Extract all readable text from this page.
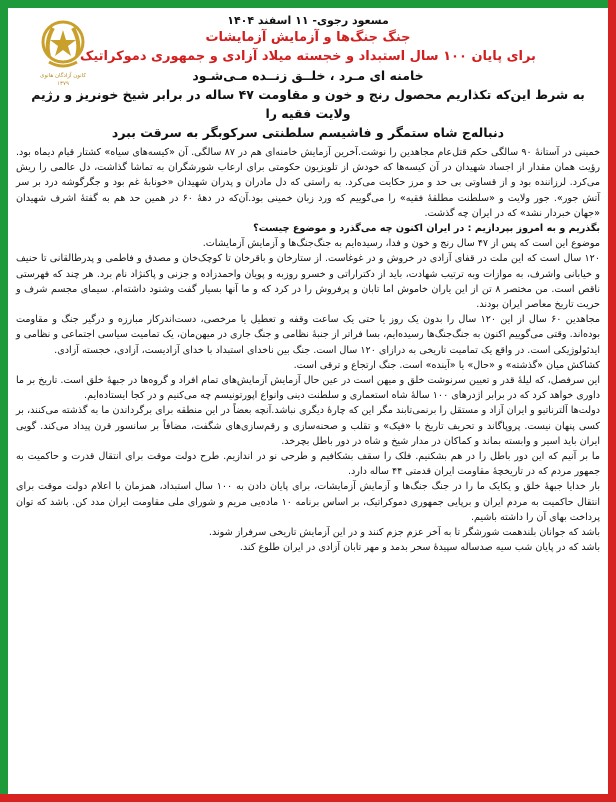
کانون آزادگان هانوی
۱۳۷۹
مسعود رجوی- ۱۱ اسفند ۱۴۰۴
جنگ جنگ‌ها و آزمایش آزمایشات
برای پایان ۱۰۰ سال استبداد و خجسته میلاد آزادی و جمهوری دموکراتیک
خامنه ای مـرد ، خلــق زنــده مـی‌شـود
به شرط این‌که تکذاریم محصول رنج و خون و مقاومت ۴۷ ساله در برابر شیخ خونریز و رژیم ولایت فقیه را
دنباله‌ج شاه ستمگر و فاشیسم سلطنتی سرکوبگر به سرقت ببرد

خمینی در آستانهٔ ۹۰ سالگی حکم قتل‌عام مجاهدین را نوشت.آخرین آزمایش خامنه‌ای هم در ۸۷ سالگی. آن «کیسه‌های سیاه» کشتار قیام دیماه بود. رؤیت همان مقدار از اجساد شهیدان در آن کیسه‌ها که خودش از تلویزیون حکومتی برای ارعاب شورشگران به تماشا گذاشت، دل عالمی را ریش می‌کرد. لرزاننده بود و از قساوتی بی حد و مرز حکایت می‌کرد. به راستی که دل مادران و پدران شهیدان «خونابهٔ غم بود و جگرگوشه درد بر سر آتش جور». جور ولایت و «سلطنت مطلقهٔ فقیه» را می‌گوییم که ورد زبان خمینی بود.آن‌که در دههٔ ۶۰ در همین حد هم به گفتهٔ اشرف شهیدان «جهان خبردار نشد» که در ایران چه گذشت.

بگذریم و به امروز بپردازیم : در ایران اکنون چه می‌گذرد و موضوع چیست؟

موضوع این است که پس از ۴۷ سال رنج و خون و فدا، رسیده‌ایم به جنگ‌جنگ‌ها و آزمایش آزمایشات.

۱۲۰ سال است که این ملت در قفای آزادی در خروش و در غوغاست. از ستارخان و باقرخان تا کوچک‌خان و مصدق و فاطمی و پدرطالقانی تا حنیف و خیابانی واشرف، به موازات وبه ترتیب شهادت، باید از دکتراراتی و خسرو روزبه و پویان واحمدزاده و جزنی و پاکنژاد نام برد. هر چند که فهرستی ناقص است. من مختصر ۸ تن از این یاران خاموش اما تابان و پرفروش را در کرد که و ما آنها بسیار گفت وشنود داشته‌ام. سیمای مجسم شرف و حریت تاریخ معاصر ایران بودند.

مجاهدین ۶۰ سال از این ۱۲۰ سال را بدون یک روز یا حتی یک ساعت وقفه و تعطیل یا مرخصی، دست‌اندرکار مبارزه و درگیر جنگ و مقاومت بوده‌اند. وقتی می‌گوییم اکنون به جنگ‌جنگ‌ها رسیده‌ایم، بسا فراتر از جنبهٔ نظامی و جنگ جاری در میهن‌مان، یک تمامیت سیاسی اجتماعی و نظامی و ایدئولوژیکی است. در واقع یک تمامیت تاریخی به درازای ۱۲۰ سال است. جنگ بین ناخدای استبداد با خدای آزادیست، آزادی، خجسته آزادی.

کشاکش میان «گذشته» و «حال» یا «آینده» است. جنگ ارتجاع و ترقی است.

این سرفصل، که لیلهٔ قدر و تعیین سرنوشت خلق و میهن است در عین حال آزمایش آزمایش‌های تمام افراد و گروه‌ها در جبههٔ خلق است. تاریخ بر ما داوری خواهد کرد که در برابر اژدرهای ۱۰۰ سالهٔ شاه استعماری و سلطنت دینی وانواع اپورتونیسم چه می‌کنیم و در کجا ایستاده‌ایم.

دولت‌ها آلترناتیو و ایران آزاد و مستقل را برنمی‌تابند مگر این که چارهٔ دیگری نباشد.آنچه بعضاً در این منطقه برای برگرداندن ما به گذشته می‌کنند، بر کسی پنهان نیست. پروپاگاند و تحریف تاریخ با «فیک» و تقلب و صحنه‌سازی و رقم‌سازی‌های شگفت، مضافاً بر سانسور قرن پیداد می‌کند. گویی ایران باید اسیر و وابسته بماند و کماکان در مدار شیخ و شاه در دور باطل بچرخد.

ما بر آنیم که این دور باطل را در هم بشکنیم. فلک را سقف بشکافیم و طرحی نو در اندازیم. طرح دولت موقت برای انتقال قدرت و حاکمیت به جمهور مردم که در تاریخچهٔ مقاومت ایران قدمتی ۴۴ ساله دارد.

بار خدایا جبههٔ خلق و یکایک ما را در جنگ جنگ‌ها و آزمایش آزمایشات، برای پایان دادن به ۱۰۰ سال استبداد، همزمان با اعلام دولت موقت برای انتقال حاکمیت به مردم ایران و برپایی جمهوری دموکراتیک، بر اساس برنامه ۱۰ ماده‌یی مریم و شورای ملی مقاومت ایران مدد کن. باشد که توان پرداخت بهای آن را داشته باشیم.

باشد که جوانان بلندهمت شورشگر تا به آخر عزم جزم کنند و در این آزمایش تاریخی سرفراز شوند.

باشد که در پایان شب سیه صدساله سپیدهٔ سحر بدمد و مهر تابان آزادی در ایران طلوع کند.
